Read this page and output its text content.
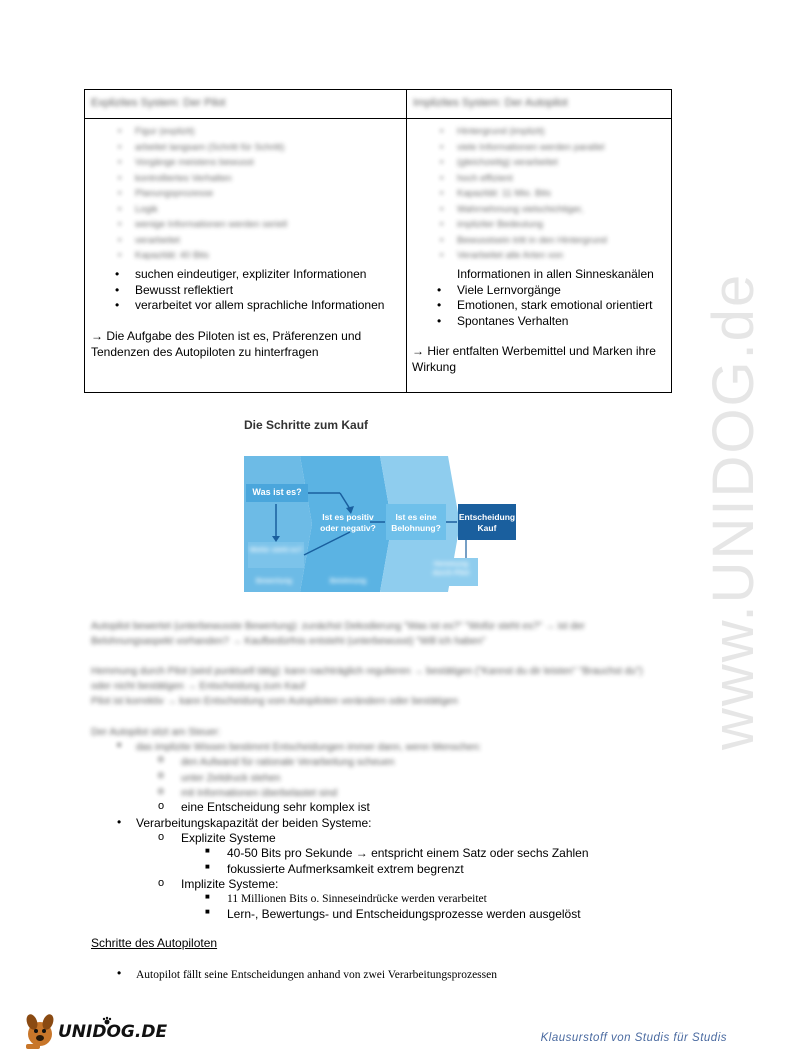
Explizites System: Der Pilot
• Figur (explizit)
• arbeitet langsam (Schritt für Schritt)
• Vorgänge meistens bewusst
• kontrolliertes Verhalten
• Planungsprozesse
• Logik
• wenige Informationen werden seriell
• verarbeitet
• Kapazität: 40 Bits
• suchen eindeutiger, expliziter Informationen
• Bewusst reflektiert
• verarbeitet vor allem sprachliche Informationen
→ Die Aufgabe des Piloten ist es, Präferenzen und Tendenzen des Autopiloten zu hinterfragen
Implizites System: Der Autopilot
• Hintergrund (implizit)
• viele Informationen werden parallel
• (gleichzeitig) verarbeitet
• hoch effizient
• Kapazität: 11 Mio. Bits
• Wahrnehmung vielschichtiger,
• impliziter Bedeutung
• Bewusstsein tritt in den Hintergrund
• Verarbeitet alle Arten von
Informationen in allen Sinneskanälen
• Viele Lernvorgänge
• Emotionen, stark emotional orientiert
• Spontanes Verhalten
→ Hier entfalten Werbemittel und Marken ihre Wirkung
Die Schritte zum Kauf
Was ist es?
Wofür steht es?
Ist es positiv oder negativ?
Ist es eine Belohnung?
Entscheidung Kauf
Hemmung durch Pilot
Bewertung	Belohnung
Autopilot bewertet (unterbewusste Bewertung): zunächst Dekodierung "Was ist es?" "Wofür steht es?" → ist der Belohnungsaspekt vorhanden? → Kaufbedürfnis entsteht (unterbewusst) "Will ich haben"
Hemmung durch Pilot (wird punktuell tätig): kann nachträglich regulieren → bestätigen ("Kannst du dir leisten" "Brauchst du") oder nicht bestätigen → Entscheidung zum Kauf
Pilot ist korrektiv → kann Entscheidung vom Autopiloten verändern oder bestätigen
Der Autopilot sitzt am Steuer:
das implizite Wissen bestimmt Entscheidungen immer dann, wenn Menschen:
•
o den Aufwand für rationale Verarbeitung scheuen
o unter Zeitdruck stehen
o mit Informationen überbelastet sind
o eine Entscheidung sehr komplex ist
• Verarbeitungskapazität der beiden Systeme:
o Explizite Systeme
■ 40-50 Bits pro Sekunde → entspricht einem Satz oder sechs Zahlen
■ fokussierte Aufmerksamkeit extrem begrenzt
o Implizite Systeme:
■ 11 Millionen Bits o. Sinneseindrücke werden verarbeitet
■ Lern-, Bewertungs- und Entscheidungsprozesse werden ausgelöst
Schritte des Autopiloten
• Autopilot fällt seine Entscheidungen anhand von zwei Verarbeitungsprozessen
www.UNIDOG.de
UNIDOG.DE	Klausurstoff von Studis für Studis
